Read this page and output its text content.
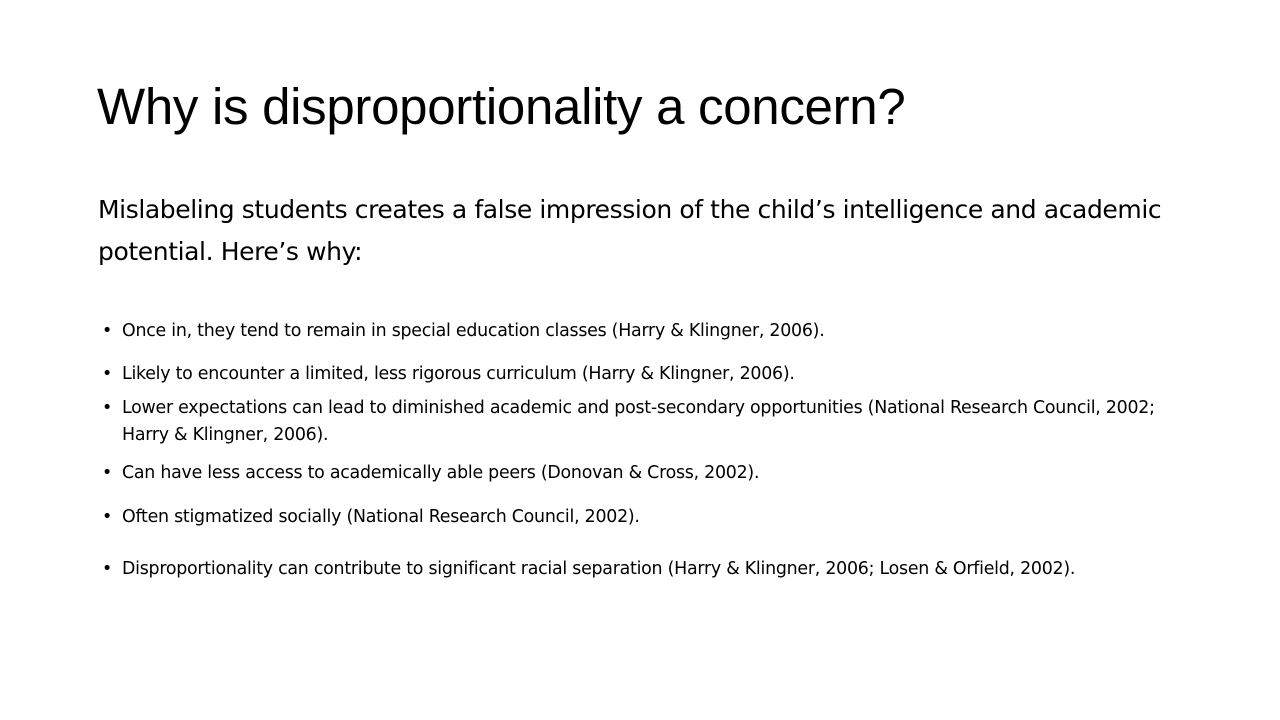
Why is disproportionality a concern?

Mislabeling students creates a false impression of the child’s intelligence and academic potential. Here’s why:

• Once in, they tend to remain in special education classes (Harry & Klingner, 2006).
• Likely to encounter a limited, less rigorous curriculum (Harry & Klingner, 2006).
• Lower expectations can lead to diminished academic and post-secondary opportunities (National Research Council, 2002; Harry & Klingner, 2006).
• Can have less access to academically able peers (Donovan & Cross, 2002).
• Often stigmatized socially (National Research Council, 2002).
• Disproportionality can contribute to significant racial separation (Harry & Klingner, 2006; Losen & Orfield, 2002).
